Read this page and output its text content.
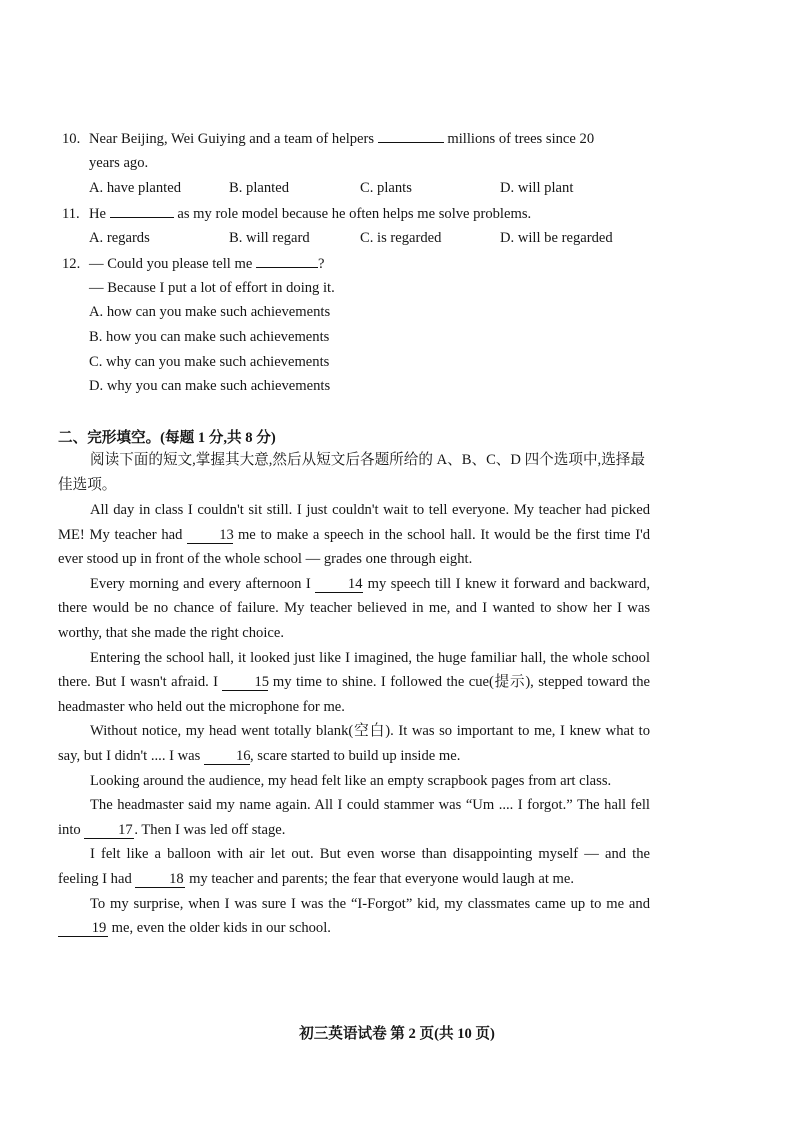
10. Near Beijing, Wei Guiying and a team of helpers	millions of trees since 20
years ago.
A. have planted	B. planted	C. plants	D. will plant
11. He	as my role model because he often helps me solve problems.
A. regards	B. will regard	C. is regarded	D. will be regarded
12. — Could you please tell me	?
— Because I put a lot of effort in doing it.
A. how can you make such achievements
B. how you can make such achievements
C. why can you make such achievements
D. why you can make such achievements
二、完形填空。(每题 1 分,共 8 分)

阅读下面的短文,掌握其大意,然后从短文后各题所给的 A、B、C、D 四个选项中,选择最佳选项。

All day in class I couldn't sit still. I just couldn't wait to tell everyone. My teacher had picked ME! My teacher had	13 me to make a speech in the school hall. It would be the first time I'd ever stood up in front of the whole school — grades one through eight.

Every morning and every afternoon I	14 my speech till I knew it forward and backward, there would be no chance of failure. My teacher believed in me, and I wanted to show her I was worthy, that she made the right choice.

Entering the school hall, it looked just like I imagined, the huge familiar hall, the whole school there. But I wasn't afraid. I 15 my time to shine. I followed the cue(提示), stepped toward the headmaster who held out the microphone for me.

Without notice, my head went totally blank(空白). It was so important to me, I knew what to say, but I didn't .... I was 16, scare started to build up inside me.

Looking around the audience, my head felt like an empty scrapbook pages from art class.

The headmaster said my name again. All I could stammer was “Um .... I forgot.” The hall fell into	17 . Then I was led off stage.

I felt like a balloon with air let out. But even worse than disappointing myself — and the feeling I had	18 my teacher and parents; the fear that everyone would laugh at me.

To my surprise, when I was sure I was the “I-Forgot” kid, my classmates came up to me and 19 me, even the older kids in our school.

初三英语试卷 第 2 页(共 10 页)
